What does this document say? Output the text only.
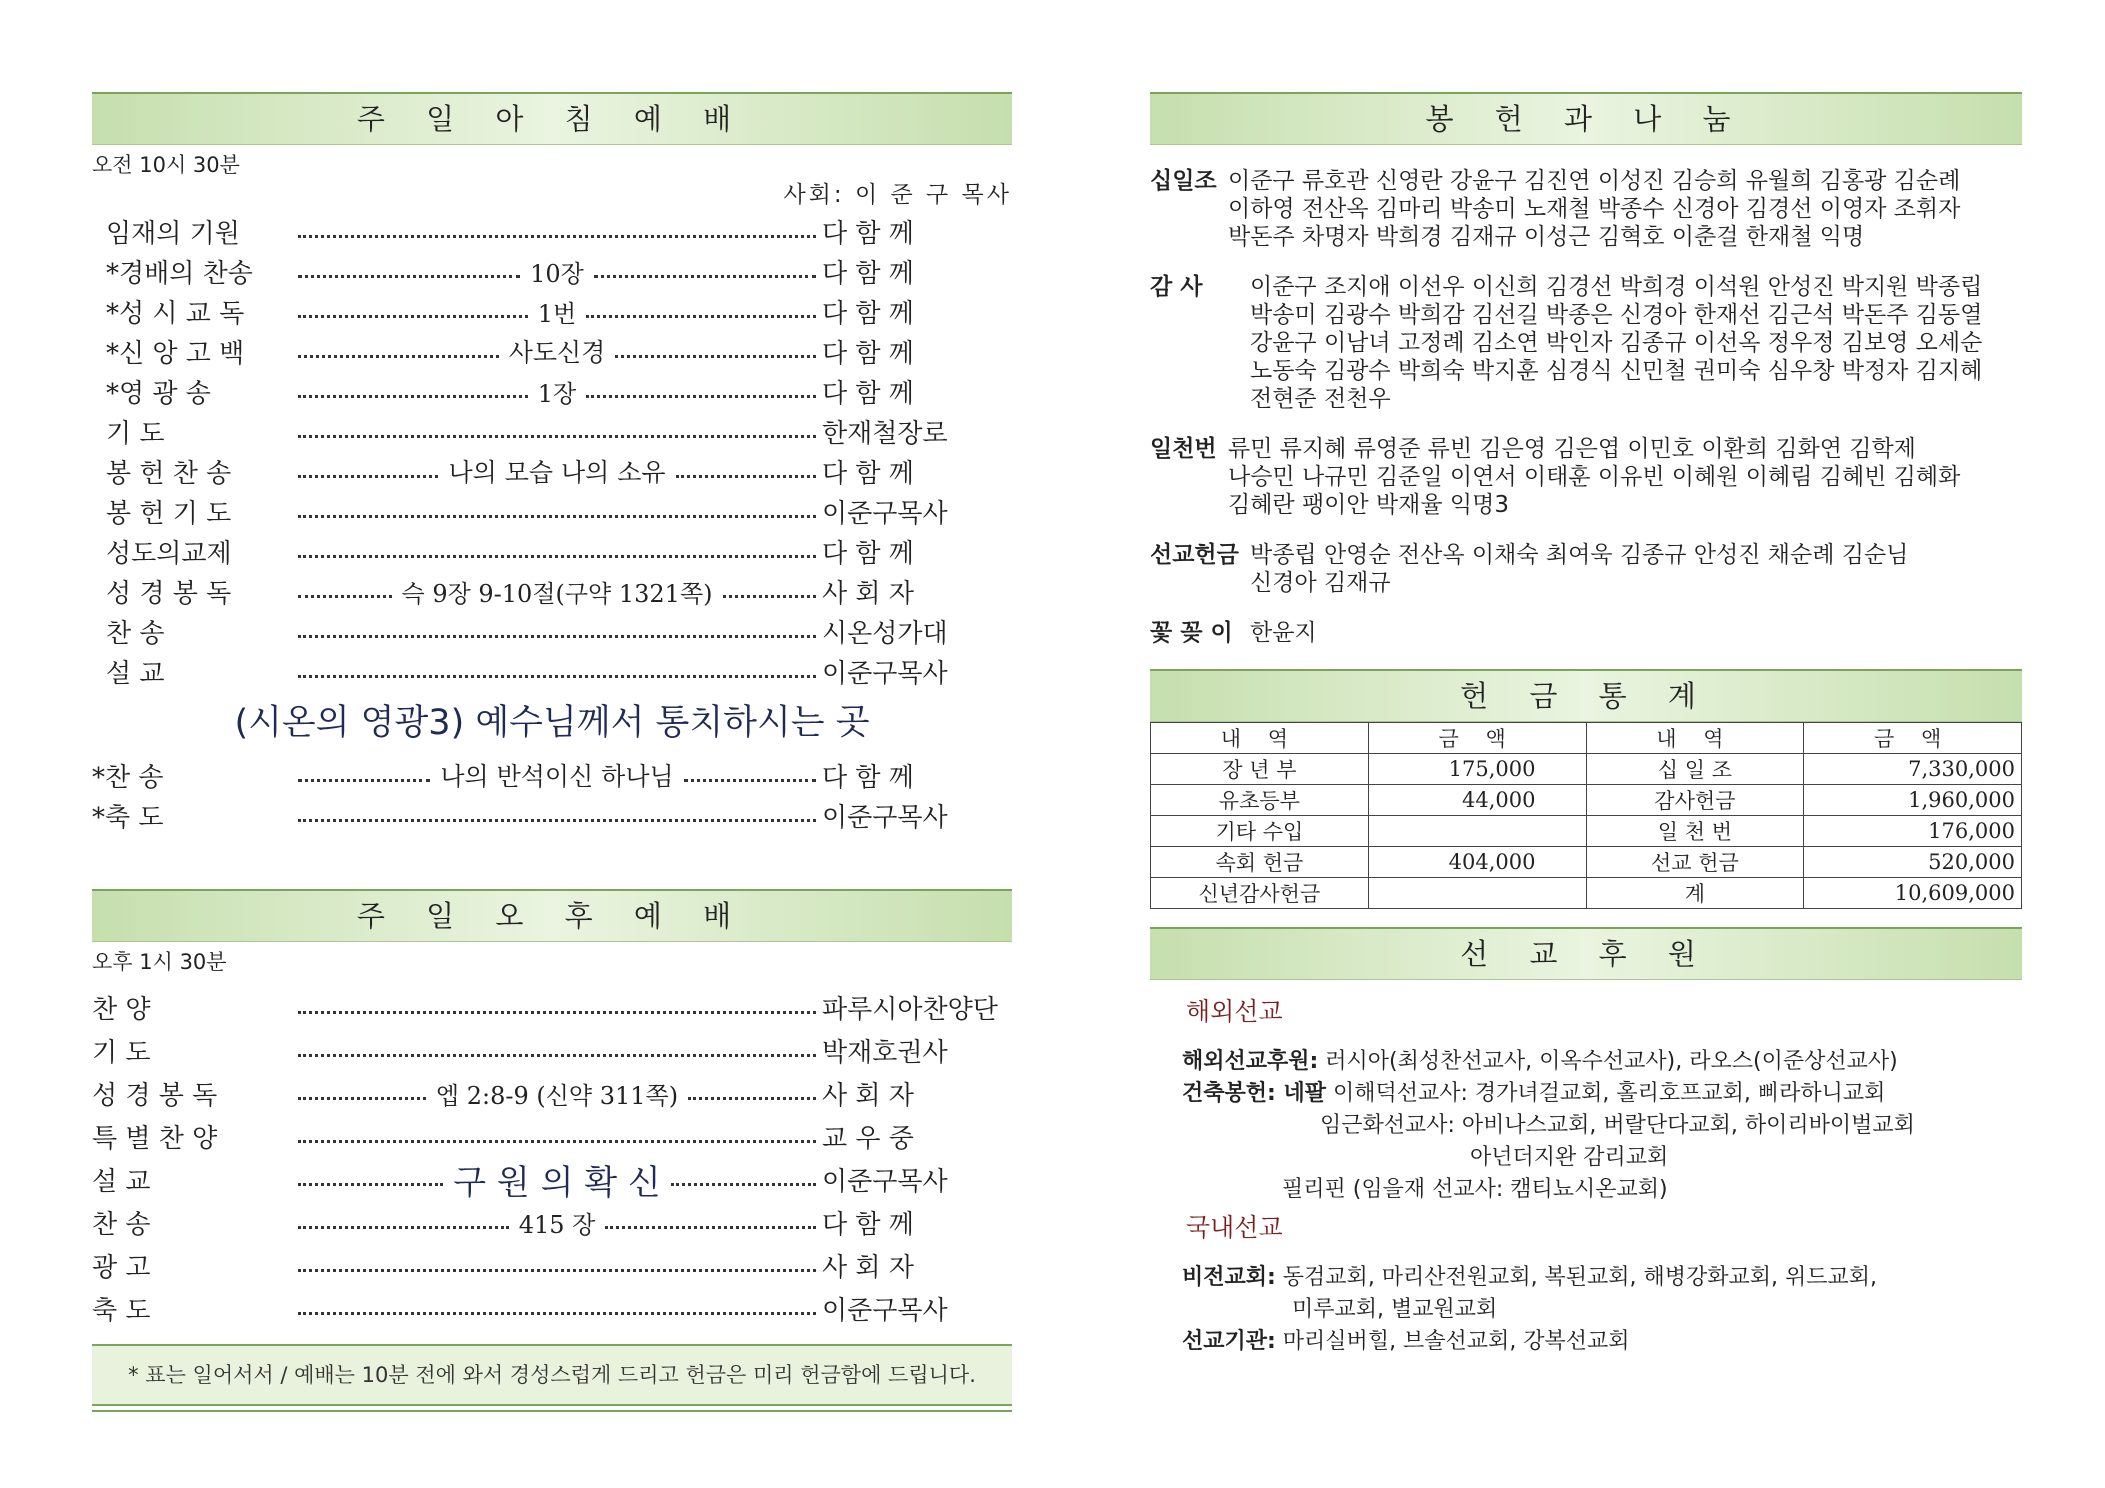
주 일 아 침 예 배
오전 10시 30분
사회: 이 준 구 목사
임재의 기원	다 함 께
*경배의 찬송	10장	다 함 께
*성 시 교 독	1번	다 함 께
*신 앙 고 백	사도신경	다 함 께
*영 광 송	1장	다 함 께
기 도	한재철장로
봉 헌 찬 송	나의 모습 나의 소유	다 함 께
봉 헌 기 도	이준구목사
성도의교제	다 함 께
성 경 봉 독	슥 9장 9-10절(구약 1321쪽)	사 회 자
찬 송	시온성가대
설 교	이준구목사
(시온의 영광3) 예수님께서 통치하시는 곳
*찬 송	나의 반석이신 하나님	다 함 께
*축 도	이준구목사
주 일 오 후 예 배
오후 1시 30분
찬 양	파루시아찬양단
기 도	박재호권사
성 경 봉 독	엡 2:8-9 (신약 311쪽)	사 회 자
특 별 찬 양	교 우 중
설 교	구 원 의 확 신	이준구목사
찬 송	415 장	다 함 께
광 고	사 회 자
축 도	이준구목사
* 표는 일어서서 / 예배는 10분 전에 와서 경성스럽게 드리고 헌금은 미리 헌금함에 드립니다.
봉 헌 과 나 눔
십일조 이준구 류호관 신영란 강윤구 김진연 이성진 김승희 유월희 김홍광 김순례
이하영 전산옥 김마리 박송미 노재철 박종수 신경아 김경선 이영자 조휘자
박돈주 차명자 박희경 김재규 이성근 김혁호 이춘걸 한재철 익명
감 사	이준구 조지애 이선우 이신희 김경선 박희경 이석원 안성진 박지원 박종립
박송미 김광수 박희감 김선길 박종은 신경아 한재선 김근석 박돈주 김동열
강윤구 이남녀 고정례 김소연 박인자 김종규 이선옥 정우정 김보영 오세순
노동숙 김광수 박희숙 박지훈 심경식 신민철 권미숙 심우창 박정자 김지혜
전현준 전천우
일천번 류민 류지혜 류영준 류빈 김은영 김은엽 이민호 이환희 김화연 김학제
나승민 나규민 김준일 이연서 이태훈 이유빈 이혜원 이혜림 김혜빈 김혜화
김혜란 팽이안 박재율 익명3
선교헌금 박종립 안영순 전산옥 이채숙 최여욱 김종규 안성진 채순례 김순님
신경아 김재규
꽃 꽂 이 한윤지
헌 금 통 계
내 역	금 액	내 역	금 액
장 년 부	175,000	십 일 조	7,330,000
유초등부	44,000	감사헌금	1,960,000
기타 수입		일 천 번	176,000
속회 헌금	404,000	선교 헌금	520,000
신년감사헌금		계	10,609,000
선 교 후 원
해외선교
해외선교후원: 러시아(최성찬선교사, 이옥수선교사), 라오스(이준상선교사)
건축봉헌: 네팔 이해덕선교사: 경가녀걸교회, 홀리호프교회, 삐라하니교회
임근화선교사: 아비나스교회, 버랄단다교회, 하이리바이벌교회
아넌더지완 감리교회
필리핀 (임을재 선교사: 캠티뇨시온교회)
국내선교
비전교회: 동검교회, 마리산전원교회, 복된교회, 해병강화교회, 위드교회,
미루교회, 별교원교회
선교기관: 마리실버힐, 브솔선교회, 강복선교회
